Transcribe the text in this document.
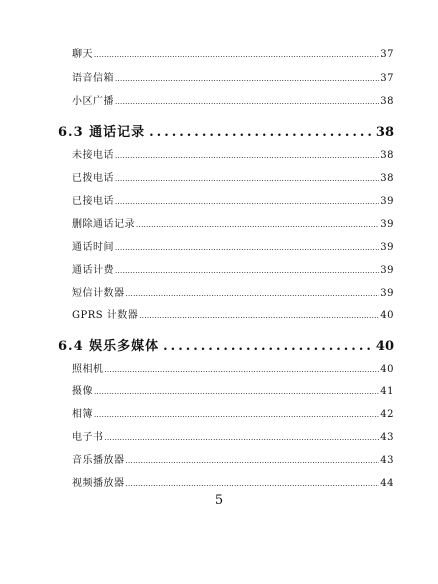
聊天 .....	37
语音信箱 .....	37
小区广播 .....	38
6.3 通话记录 .....	38
未接电话 .....	38
已拨电话 .....	38
已接电话 .....	39
删除通话记录 .....	39
通话时间 .....	39
通话计费 .....	39
短信计数器 .....	39
GPRS 计数器 .....	40
6.4 娱乐多媒体 .....	40
照相机 .....	40
摄像 .....	41
相簿 .....	42
电子书 .....	43
音乐播放器 .....	43
视频播放器 .....	44
5
